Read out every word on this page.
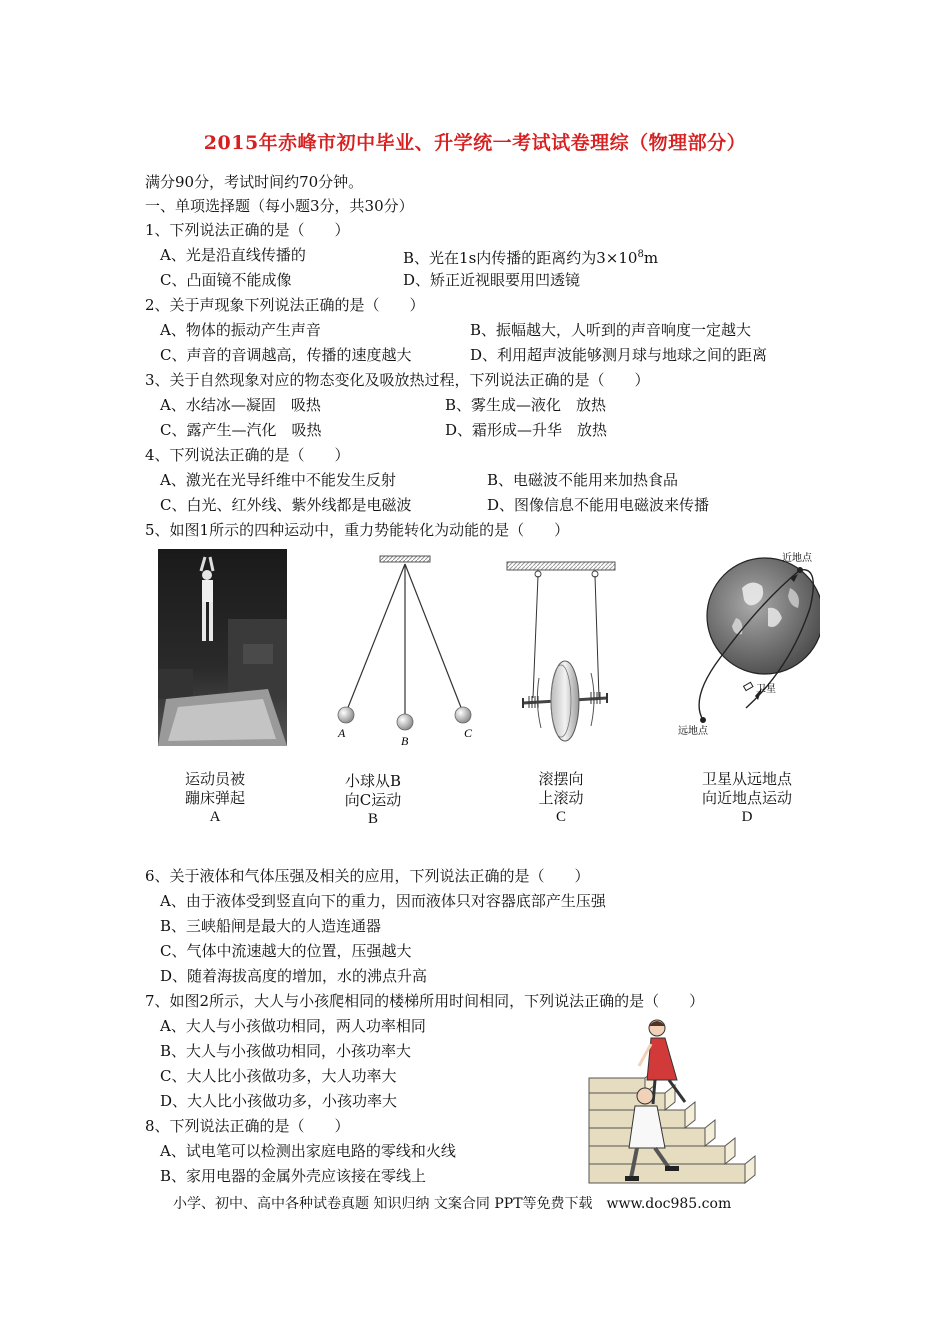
2015年赤峰市初中毕业、升学统一考试试卷理综（物理部分）
满分90分，考试时间约70分钟。
一、单项选择题（每小题3分，共30分）
1、下列说法正确的是（　　）
A、光是沿直线传播的	B、光在1s内传播的距离约为$3\times 10^8m$
C、凸面镜不能成像	D、矫正近视眼要用凹透镜
2、关于声现象下列说法正确的是（　　）
A、物体的振动产生声音	B、振幅越大，人听到的声音响度一定越大
C、声音的音调越高，传播的速度越大	D、利用超声波能够测月球与地球之间的距离
3、关于自然现象对应的物态变化及吸放热过程，下列说法正确的是（　　）
A、水结冰—凝固　吸热	B、雾生成—液化　放热
C、露产生—汽化　吸热	D、霜形成—升华　放热
4、下列说法正确的是（　　）
A、激光在光导纤维中不能发生反射	B、电磁波不能用来加热食品
C、白光、红外线、紫外线都是电磁波	D、图像信息不能用电磁波来传播
5、如图1所示的四种运动中，重力势能转化为动能的是（　　）
A
B
C
近地点
远地点
卫星
运动员被
蹦床弹起
A
小球从B
向C运动
B
滚摆向
上滚动
C
卫星从远地点
向近地点运动
D
6、关于液体和气体压强及相关的应用，下列说法正确的是（　　）
A、由于液体受到竖直向下的重力，因而液体只对容器底部产生压强
B、三峡船闸是最大的人造连通器
C、气体中流速越大的位置，压强越大
D、随着海拔高度的增加，水的沸点升高
7、如图2所示，大人与小孩爬相同的楼梯所用时间相同，下列说法正确的是（　　）
A、大人与小孩做功相同，两人功率相同
B、大人与小孩做功相同，小孩功率大
C、大人比小孩做功多，大人功率大
D、大人比小孩做功多，小孩功率大
8、下列说法正确的是（　　）
A、试电笔可以检测出家庭电路的零线和火线
B、家用电器的金属外壳应该接在零线上
小学、初中、高中各种试卷真题 知识归纳 文案合同 PPT等免费下载　www.doc985.com
